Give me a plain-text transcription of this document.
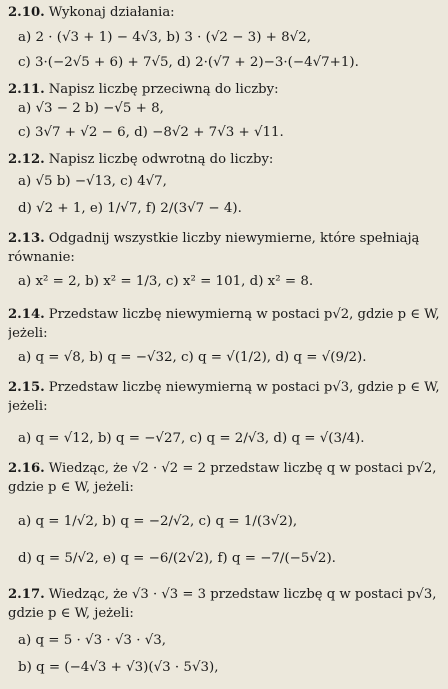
2.10. Wykonaj działania:
a) 2 · (√3 + 1) − 4√3, b) 3 · (√2 − 3) + 8√2,
c) 3·(−2√5 + 6) + 7√5, d) 2·(√7 + 2)−3·(−4√7+1).
2.11. Napisz liczbę przeciwną do liczby:
a) √3 − 2 b) −√5 + 8,
c) 3√7 + √2 − 6, d) −8√2 + 7√3 + √11.
2.12. Napisz liczbę odwrotną do liczby:
a) √5 b) −√13, c) 4√7,
d) √2 + 1, e) 1/√7, f) 2/(3√7 − 4).
2.13. Odgadnij wszystkie liczby niewymierne, które spełniają równanie:
a) x² = 2, b) x² = 1/3, c) x² = 101, d) x² = 8.
2.14. Przedstaw liczbę niewymierną w postaci p√2, gdzie p ∈ W, jeżeli:
a) q = √8, b) q = −√32, c) q = √(1/2), d) q = √(9/2).
2.15. Przedstaw liczbę niewymierną w postaci p√3, gdzie p ∈ W, jeżeli:
a) q = √12, b) q = −√27, c) q = 2/√3, d) q = √(3/4).
2.16. Wiedząc, że √2 · √2 = 2 przedstaw liczbę q w postaci p√2, gdzie p ∈ W, jeżeli:
a) q = 1/√2, b) q = −2/√2, c) q = 1/(3√2),
d) q = 5/√2, e) q = −6/(2√2), f) q = −7/(−5√2).
2.17. Wiedząc, że √3 · √3 = 3 przedstaw liczbę q w postaci p√3, gdzie p ∈ W, jeżeli:
a) q = 5 · √3 · √3 · √3,
b) q = (−4√3 + √3)(√3 · 5√3),
